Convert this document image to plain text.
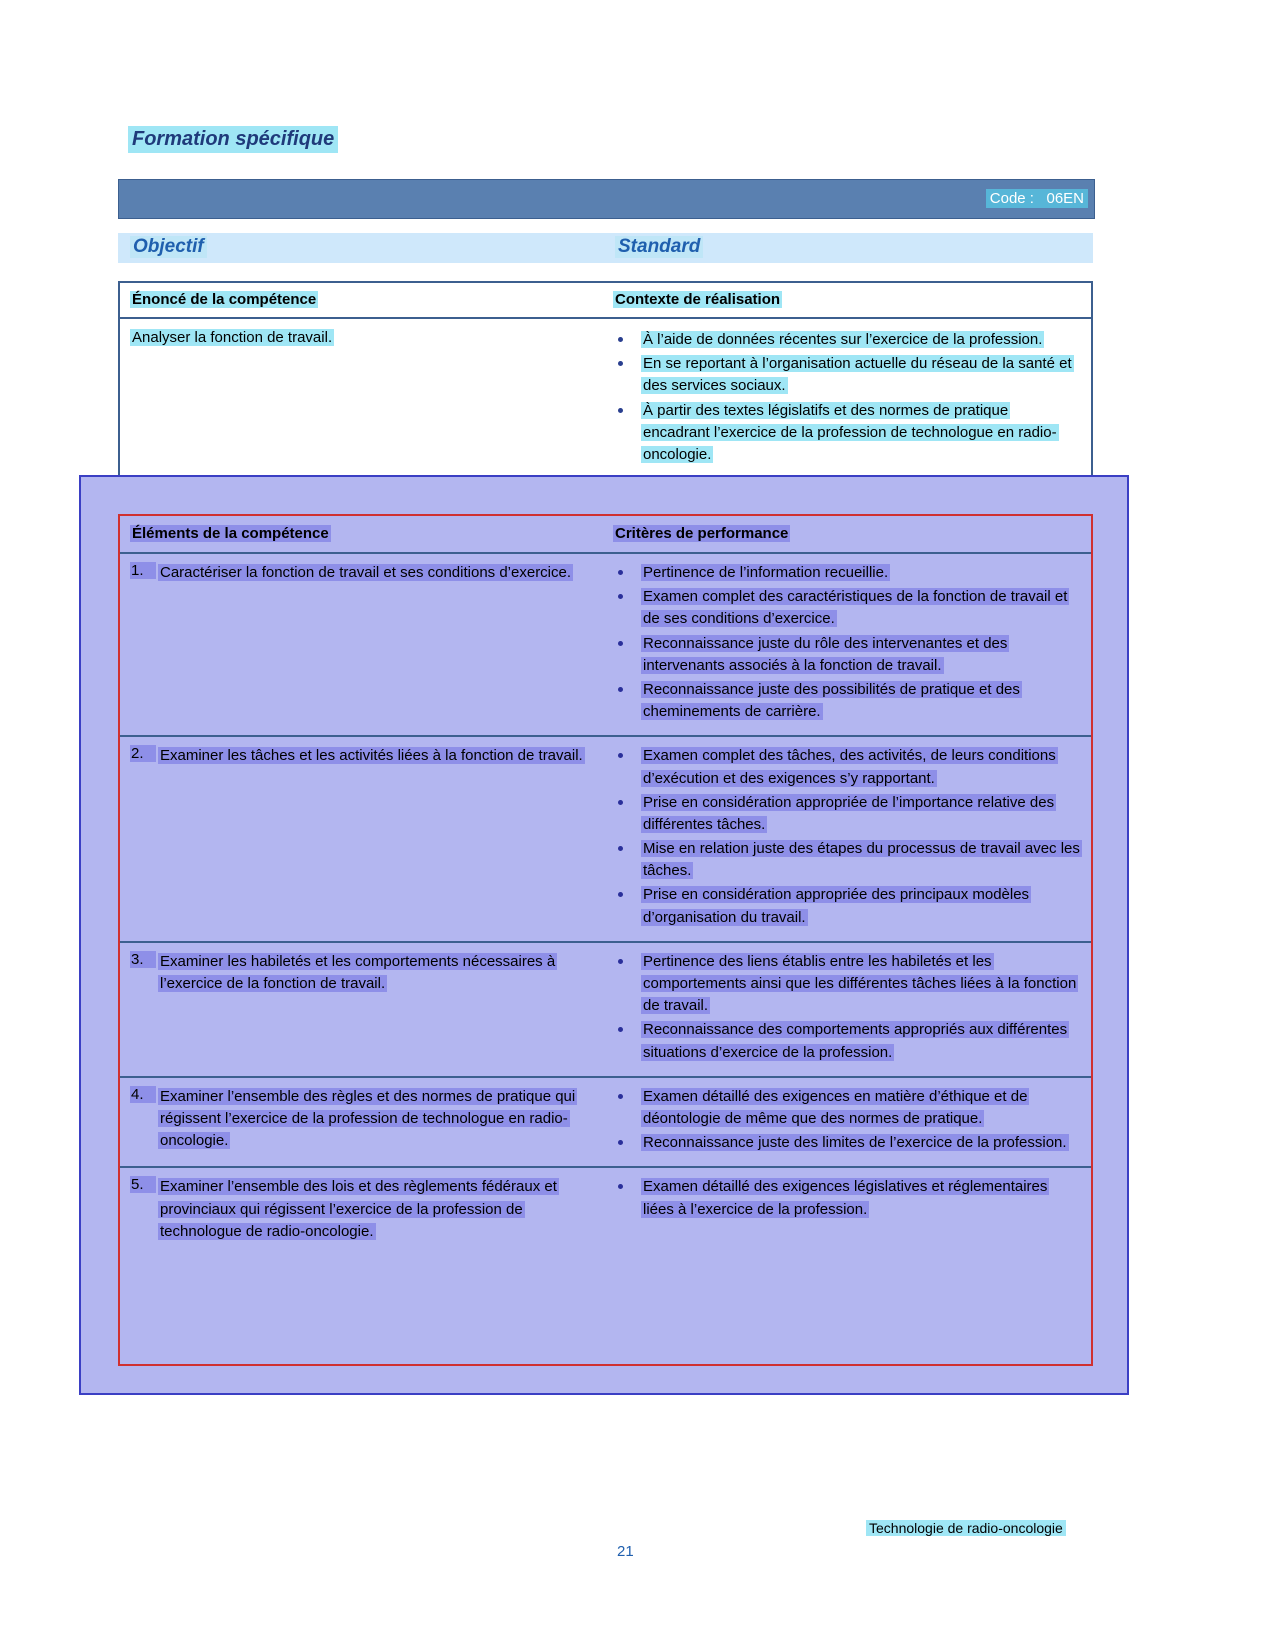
Formation spécifique
Code :   06EN
Objectif	Standard
Énoncé de la compétence	Contexte de réalisation
Analyser la fonction de travail.	À l’aide de données récentes sur l’exercice de la profession.
En se reportant à l’organisation actuelle du réseau de la santé et des services sociaux.
À partir des textes législatifs et des normes de pratique encadrant l’exercice de la profession de technologue en radio-oncologie.
Éléments de la compétence	Critères de performance
1.	Caractériser la fonction de travail et ses conditions d’exercice.	Pertinence de l’information recueillie.
Examen complet des caractéristiques de la fonction de travail et de ses conditions d’exercice.
Reconnaissance juste du rôle des intervenantes et des intervenants associés à la fonction de travail.
Reconnaissance juste des possibilités de pratique et des cheminements de carrière.
2.	Examiner les tâches et les activités liées à la fonction de travail.	Examen complet des tâches, des activités, de leurs conditions d’exécution et des exigences s’y rapportant.
Prise en considération appropriée de l’importance relative des différentes tâches.
Mise en relation juste des étapes du processus de travail avec les tâches.
Prise en considération appropriée des principaux modèles d’organisation du travail.
3.	Examiner les habiletés et les comportements nécessaires à l’exercice de la fonction de travail.
Pertinence des liens établis entre les habiletés et les comportements ainsi que les différentes tâches liées à la fonction de travail.
Reconnaissance des comportements appropriés aux différentes situations d’exercice de la profession.
4.	Examiner l’ensemble des règles et des normes de pratique qui régissent l’exercice de la profession de technologue en radio-oncologie.
Examen détaillé des exigences en matière d’éthique et de déontologie de même que des normes de pratique.
Reconnaissance juste des limites de l’exercice de la profession.
5.	Examiner l’ensemble des lois et des règlements fédéraux et provinciaux qui régissent l’exercice de la profession de technologue de radio-oncologie.
Examen détaillé des exigences législatives et réglementaires liées à l’exercice de la profession.
Technologie de radio-oncologie
21
